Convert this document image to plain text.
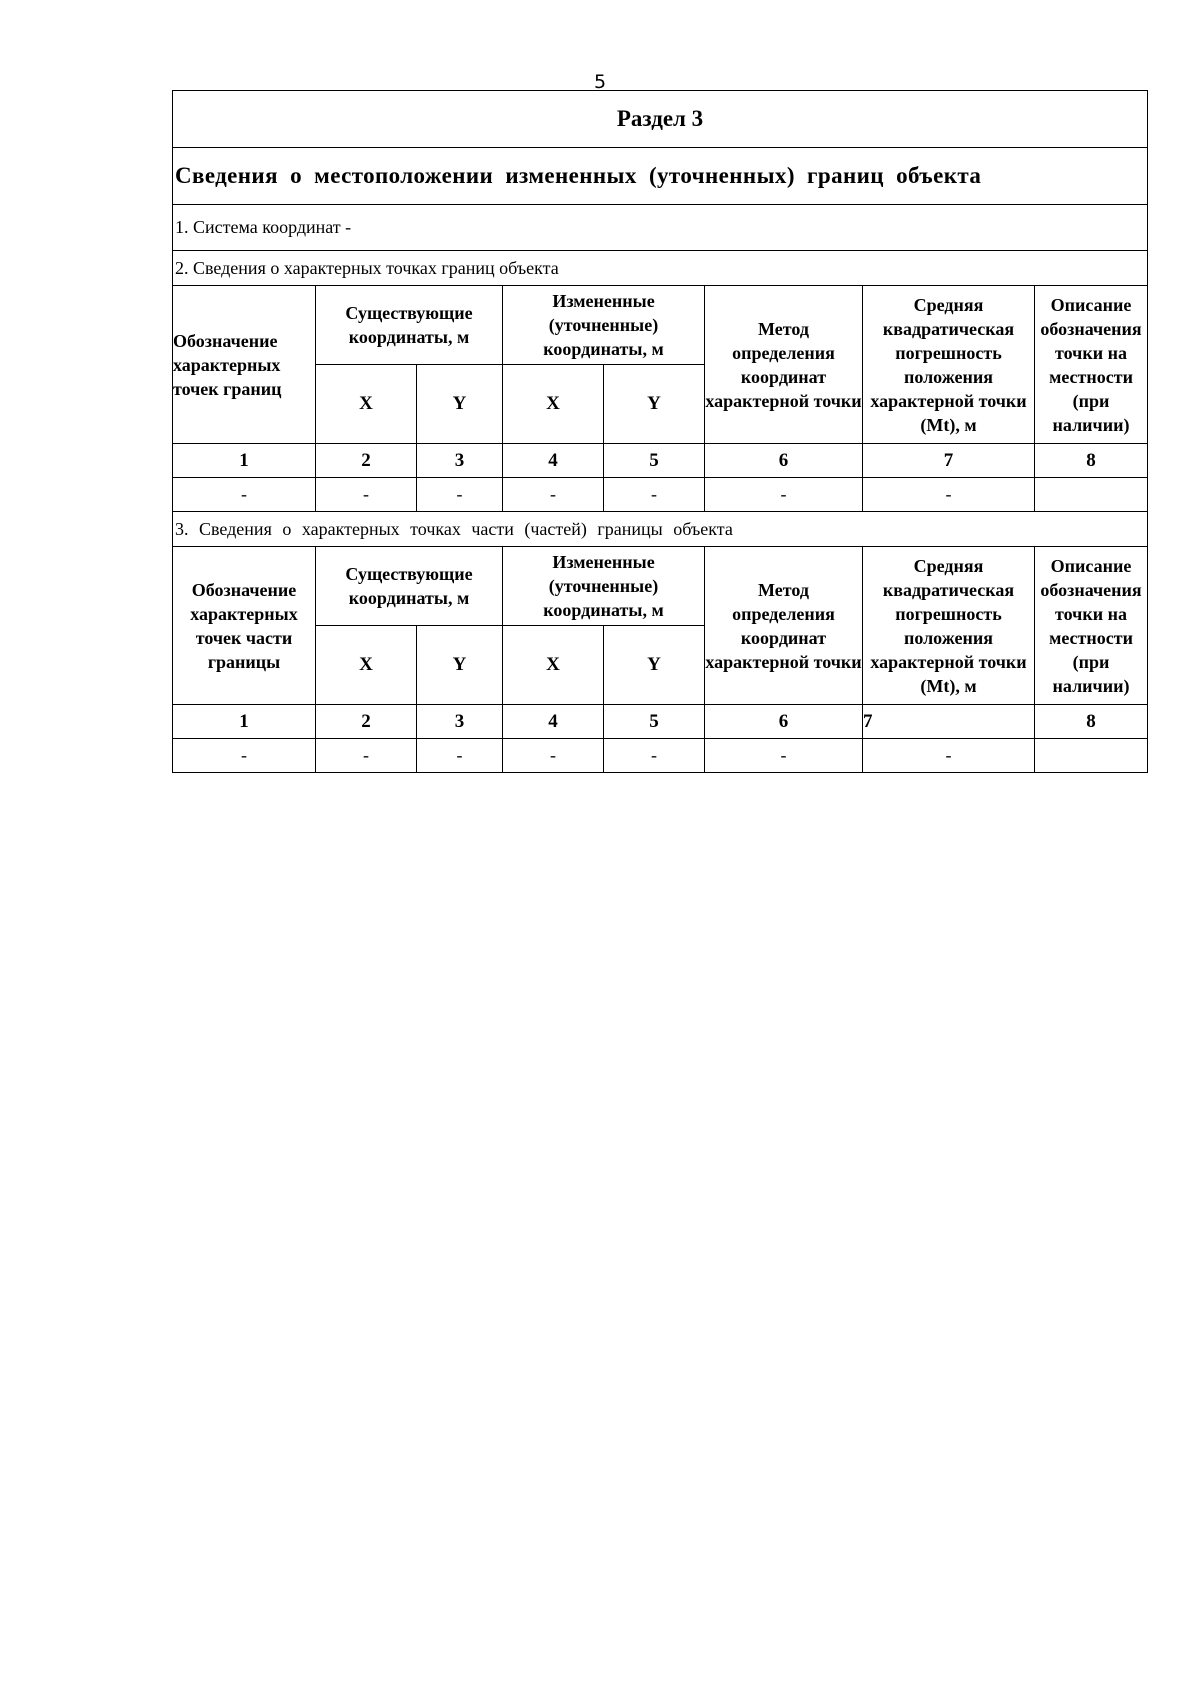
5
Раздел 3							
Сведения о местоположении измененных (уточненных) границ объекта							
1. Система координат -							
2. Сведения о характерных точках границ объекта							
Обозначение характерных точек границ	Существующие координаты, м		Измененные (уточненные) координаты, м		Метод определения координат характерной точки	Средняя квадратическая погрешность положения характерной точки (Mt), м	Описание обозначения точки на местности (при наличии)
	X	Y	X	Y			
1	2	3	4	5	6	7	8
-	-	-	-	-	-	-	
3. Сведения о характерных точках части (частей) границы объекта							
Обозначение характерных точек части границы	Существующие координаты, м		Измененные (уточненные) координаты, м		Метод определения координат характерной точки	Средняя квадратическая погрешность положения характерной точки (Mt), м	Описание обозначения точки на местности (при наличии)
	X	Y	X	Y			
1	2	3	4	5	6	7	8
-	-	-	-	-	-	-	
